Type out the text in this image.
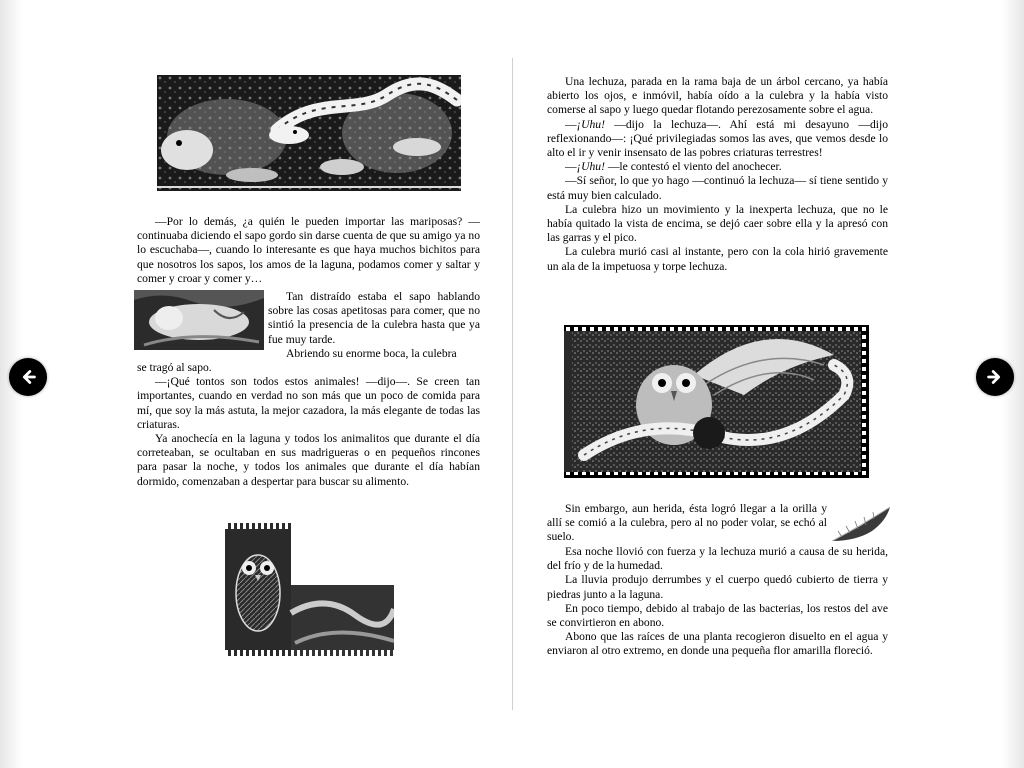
—Por lo demás, ¿a quién le pueden importar las mariposas? —continuaba diciendo el sapo gordo sin darse cuenta de que su amigo ya no lo escuchaba—, cuando lo interesante es que haya muchos bichitos para que nosotros los sapos, los amos de la laguna, podamos comer y saltar y comer y croar y comer y…

Tan distraído estaba el sapo hablando sobre las cosas apetitosas para comer, que no sintió la presencia de la culebra hasta que ya fue muy tarde.

Abriendo su enorme boca, la culebra

se tragó al sapo.

—¡Qué tontos son todos estos animales! —dijo—. Se creen tan importantes, cuando en verdad no son más que un poco de comida para mí, que soy la más astuta, la mejor cazadora, la más elegante de todas las criaturas.

Ya anochecía en la laguna y todos los animalitos que durante el día correteaban, se ocultaban en sus madrigueras o en pequeños rincones para pasar la noche, y todos los animales que durante el día habían dormido, comenzaban a despertar para buscar su alimento.

Una lechuza, parada en la rama baja de un árbol cercano, ya había abierto los ojos, e inmóvil, había oído a la culebra y la había visto comerse al sapo y luego quedar flotando perezosamente sobre el agua.

—¡Uhu! —dijo la lechuza—. Ahí está mi desayuno —dijo reflexionando—: ¡Qué privilegiadas somos las aves, que vemos desde lo alto el ir y venir insensato de las pobres criaturas terrestres!

—¡Uhu! —le contestó el viento del anochecer.

—Sí señor, lo que yo hago —continuó la lechuza— sí tiene sentido y está muy bien calculado.

La culebra hizo un movimiento y la inexperta lechuza, que no le había quitado la vista de encima, se dejó caer sobre ella y la apresó con las garras y el pico.

La culebra murió casi al instante, pero con la cola hirió gravemente un ala de la impetuosa y torpe lechuza.

Sin embargo, aun herida, ésta logró llegar a la orilla y allí se comió a la culebra, pero al no poder volar, se echó al suelo.

Esa noche llovió con fuerza y la lechuza murió a causa de su herida, del frío y de la humedad.

La lluvia produjo derrumbes y el cuerpo quedó cubierto de tierra y piedras junto a la laguna.

En poco tiempo, debido al trabajo de las bacterias, los restos del ave se convirtieron en abono.

Abono que las raíces de una planta recogieron disuelto en el agua y enviaron al otro extremo, en donde una pequeña flor amarilla floreció.
